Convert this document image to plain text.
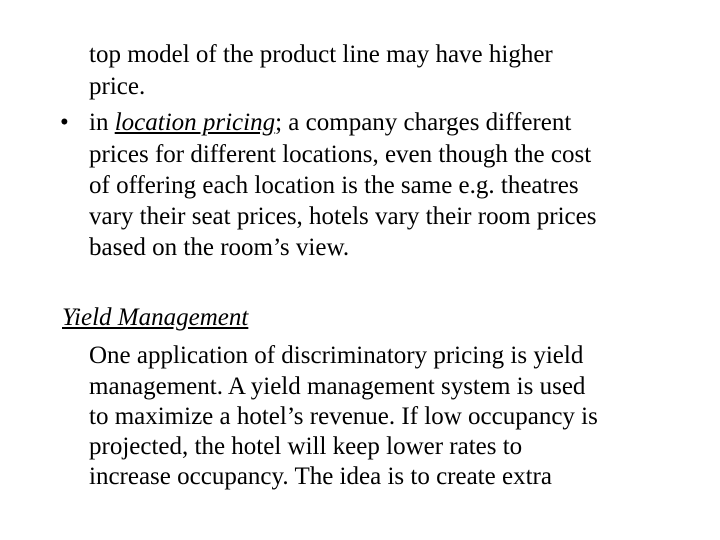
top model of the product line may have higher
price.
• in location pricing; a company charges different
prices for different locations, even though the cost
of offering each location is the same e.g. theatres
vary their seat prices, hotels vary their room prices
based on the room’s view.
Yield Management
One application of discriminatory pricing is yield
management. A yield management system is used
to maximize a hotel’s revenue. If low occupancy is
projected, the hotel will keep lower rates to
increase occupancy. The idea is to create extra
